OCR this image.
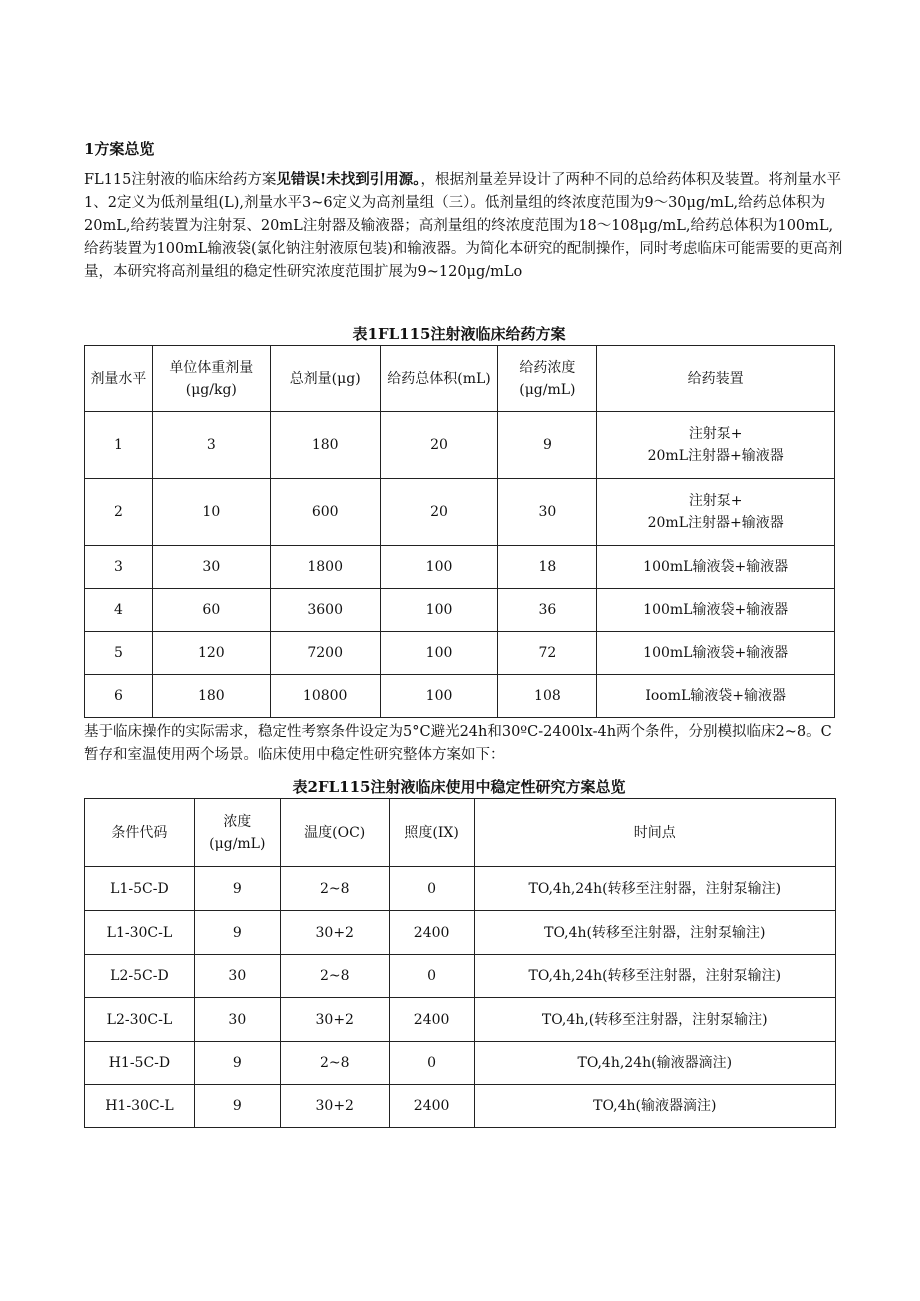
1方案总览
FL115注射液的临床给药方案见错误!未找到引用源。，根据剂量差异设计了两种不同的总给药体积及装置。将剂量水平1、2定义为低剂量组(L),剂量水平3~6定义为高剂量组（三）。低剂量组的终浓度范围为9～30μg∕mL,给药总体积为20mL,给药装置为注射泵、20mL注射器及输液器；高剂量组的终浓度范围为18～108μg∕mL,给药总体积为100mL,给药装置为100mL输液袋(氯化钠注射液原包装)和输液器。为简化本研究的配制操作，同时考虑临床可能需要的更高剂量，本研究将高剂量组的稳定性研究浓度范围扩展为9~120μg∕mLo
表1FL115注射液临床给药方案
剂量水平	单位体重剂量(μg/kg)	总剂量(μg)	给药总体积(mL)	给药浓度(μg∕mL)	给药装置
1	3	180	20	9	注射泵+
20mL注射器+输液器
2	10	600	20	30	注射泵+
20mL注射器+输液器
3	30	1800	100	18	100mL输液袋+输液器
4	60	3600	100	36	100mL输液袋+输液器
5	120	7200	100	72	100mL输液袋+输液器
6	180	10800	100	108	IoomL输液袋+输液器
基于临床操作的实际需求，稳定性考察条件设定为5°C避光24h和30ºC-2400lx-4h两个条件，分别模拟临床2~8。C暂存和室温使用两个场景。临床使用中稳定性研究整体方案如下：
表2FL115注射液临床使用中稳定性研究方案总览
条件代码	浓度(μg∕mL)	温度(OC)	照度(IX)	时间点
L1-5C-D	9	2~8	0	TO,4h,24h(转移至注射器，注射泵输注)
L1-30C-L	9	30+2	2400	TO,4h(转移至注射器，注射泵输注)
L2-5C-D	30	2~8	0	TO,4h,24h(转移至注射器，注射泵输注)
L2-30C-L	30	30+2	2400	TO,4h,(转移至注射器，注射泵输注)
H1-5C-D	9	2~8	0	TO,4h,24h(输液器滴注)
H1-30C-L	9	30+2	2400	TO,4h(输液器滴注)
